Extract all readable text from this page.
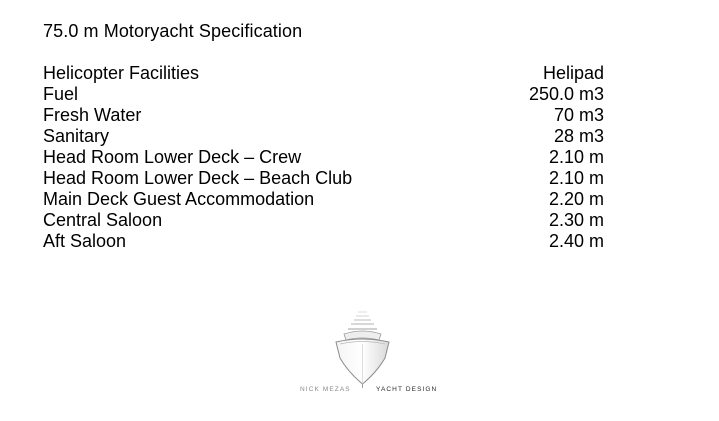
75.0 m Motoryacht Specification
Helicopter Facilities	Helipad
Fuel	250.0 m3
Fresh Water	70 m3
Sanitary	28 m3
Head Room Lower Deck – Crew	2.10 m
Head Room Lower Deck – Beach Club	2.10 m
Main Deck Guest Accommodation	2.20 m
Central Saloon	2.30 m
Aft Saloon	2.40 m
NICK MEZAS	YACHT DESIGN
